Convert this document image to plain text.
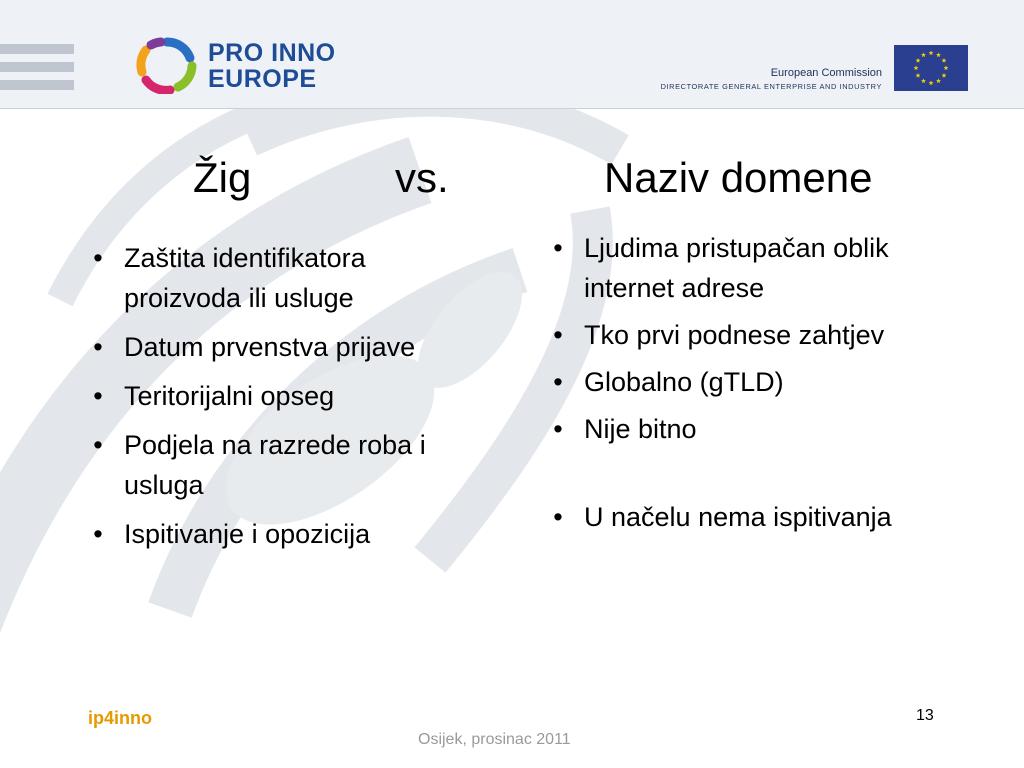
PRO INNO
EUROPE	European Commission
DIRECTORATE GENERAL ENTERPRISE AND INDUSTRY
Žig	vs.	Naziv domene
• Zaštita identifikatora proizvoda ili usluge
• Datum prvenstva prijave
• Teritorijalni opseg
• Podjela na razrede roba i usluga
• Ispitivanje i opozicija
• Ljudima pristupačan oblik internet adrese
• Tko prvi podnese zahtjev
• Globalno (gTLD)
• Nije bitno
• U načelu nema ispitivanja
ip4inno
Osijek, prosinac 2011
13
